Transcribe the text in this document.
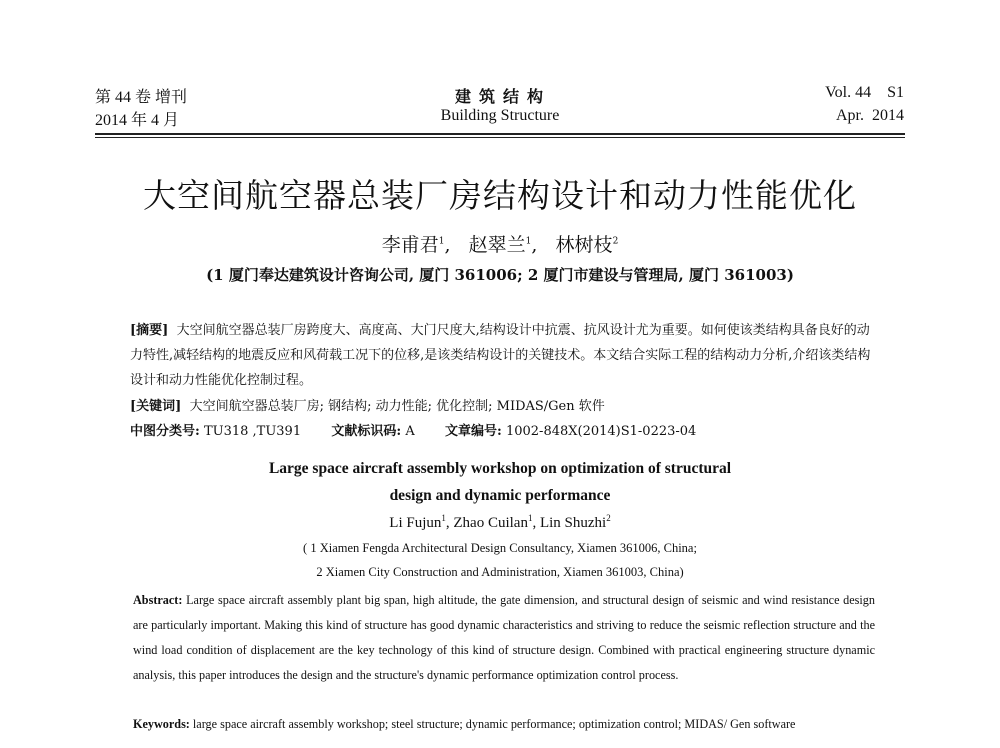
第 44 卷 增刊
2014 年 4 月
建 筑 结 构
Building Structure
Vol. 44    S1
Apr.  2014
大空间航空器总装厂房结构设计和动力性能优化
李甫君$^1$,   赵翠兰$^1$,   林树枝$^2$
(1 厦门奉达建筑设计咨询公司, 厦门 361006; 2 厦门市建设与管理局, 厦门 361003)
[摘要] 大空间航空器总装厂房跨度大、高度高、大门尺度大,结构设计中抗震、抗风设计尤为重要。如何使该类结构具备良好的动力特性,减轻结构的地震反应和风荷载工况下的位移,是该类结构设计的关键技术。本文结合实际工程的结构动力分析,介绍该类结构设计和动力性能优化控制过程。
[关键词] 大空间航空器总装厂房; 钢结构; 动力性能; 优化控制; MIDAS/Gen 软件
中图分类号: TU318 ,TU391 文献标识码: A 文章编号: 1002-848X(2014)S1-0223-04
Large space aircraft assembly workshop on optimization of structural
design and dynamic performance
Li Fujun$^1$, Zhao Cuilan$^1$, Lin Shuzhi$^2$
( 1 Xiamen Fengda Architectural Design Consultancy, Xiamen 361006, China;
2 Xiamen City Construction and Administration, Xiamen 361003, China)
Abstract: Large space aircraft assembly plant big span, high altitude, the gate dimension, and structural design of seismic and wind resistance design are particularly important. Making this kind of structure has good dynamic characteristics and striving to reduce the seismic reflection structure and the wind load condition of displacement are the key technology of this kind of structure design. Combined with practical engineering structure dynamic analysis, this paper introduces the design and the structure's dynamic performance optimization control process.
Keywords: large space aircraft assembly workshop; steel structure; dynamic performance; optimization control; MIDAS/ Gen software
